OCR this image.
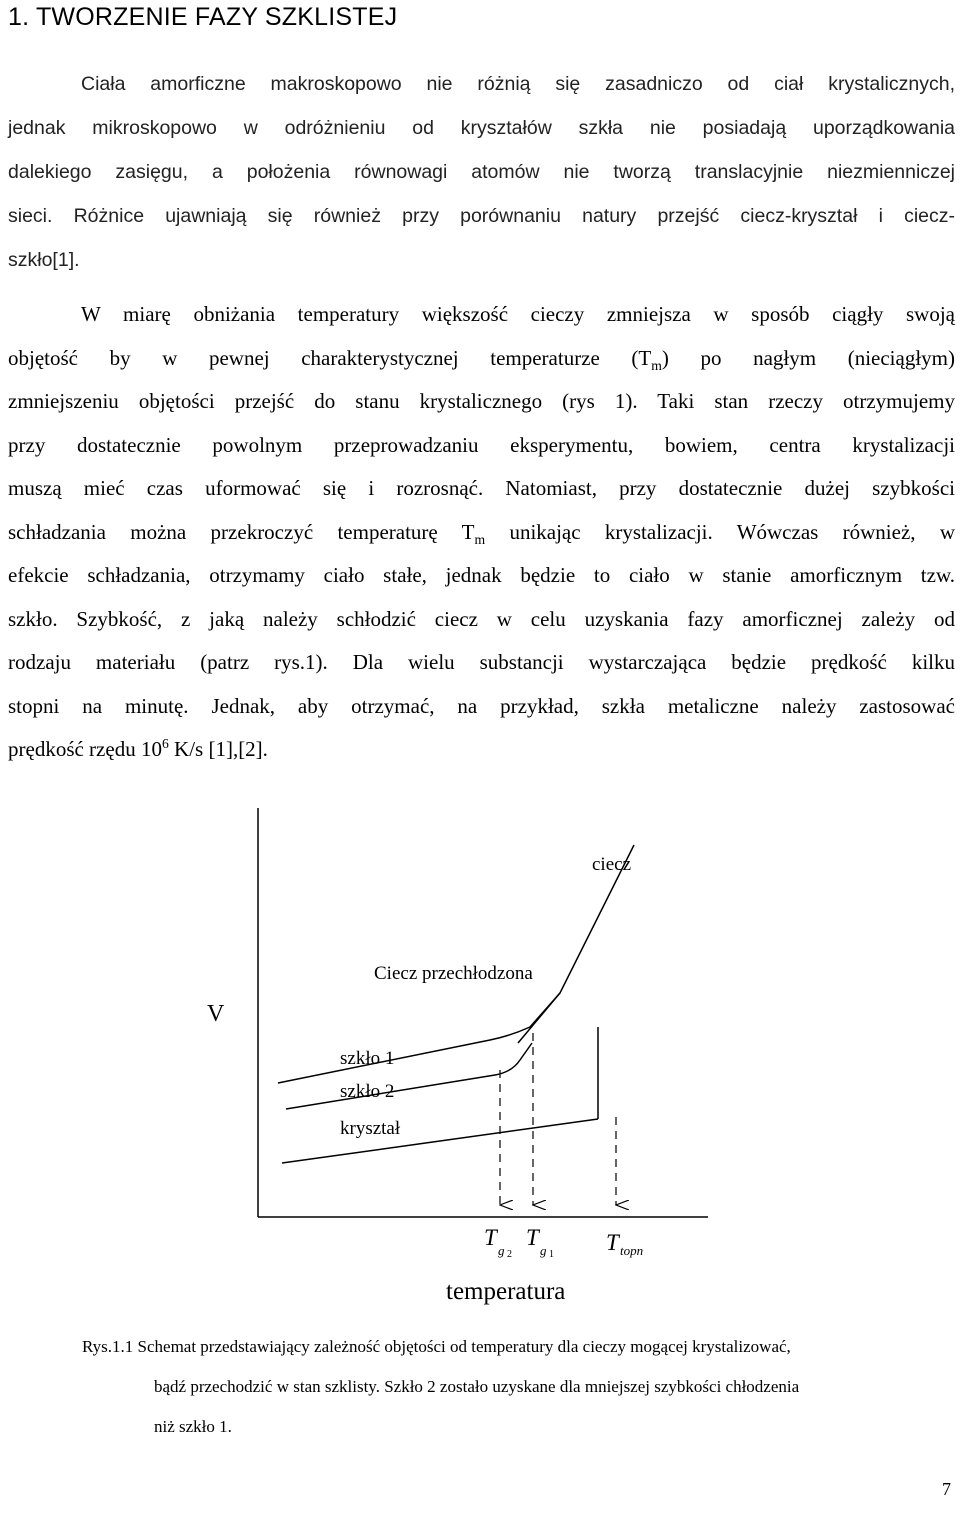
1. TWORZENIE FAZY SZKLISTEJ

Ciała amorficzne makroskopowo nie różnią się zasadniczo od ciał krystalicznych,
jednak mikroskopowo w odróżnieniu od kryształów szkła nie posiadają uporządkowania
dalekiego zasięgu, a położenia równowagi atomów nie tworzą translacyjnie niezmienniczej
sieci. Różnice ujawniają się również przy porównaniu natury przejść ciecz-kryształ i ciecz-
szkło[1].

W miarę obniżania temperatury większość cieczy zmniejsza w sposób ciągły swoją
objętość by w pewnej charakterystycznej temperaturze $(T_m)$ po nagłym (nieciągłym)
zmniejszeniu objętości przejść do stanu krystalicznego (rys 1). Taki stan rzeczy otrzymujemy
przy dostatecznie powolnym przeprowadzaniu eksperymentu, bowiem, centra krystalizacji
muszą mieć czas uformować się i rozrosnąć. Natomiast, przy dostatecznie dużej szybkości
schładzania można przekroczyć temperaturę $T_m$ unikając krystalizacji. Wówczas również, w
efekcie schładzania, otrzymamy ciało stałe, jednak będzie to ciało w stanie amorficznym tzw.
szkło. Szybkość, z jaką należy schłodzić ciecz w celu uzyskania fazy amorficznej zależy od
rodzaju materiału (patrz rys.1). Dla wielu substancji wystarczająca będzie prędkość kilku
stopni na minutę. Jednak, aby otrzymać, na przykład, szkła metaliczne należy zastosować
prędkość rzędu $10^6$ K/s [1],[2].

ciecz
Ciecz przechłodzona
V
szkło 1
szkło 2
kryształ
T
g 2
T
g 1 T topn
temperatura

Rys.1.1 Schemat przedstawiający zależność objętości od temperatury dla cieczy mogącej krystalizować,
bądź przechodzić w stan szklisty. Szkło 2 zostało uzyskane dla mniejszej szybkości chłodzenia
niż szkło 1.

7
